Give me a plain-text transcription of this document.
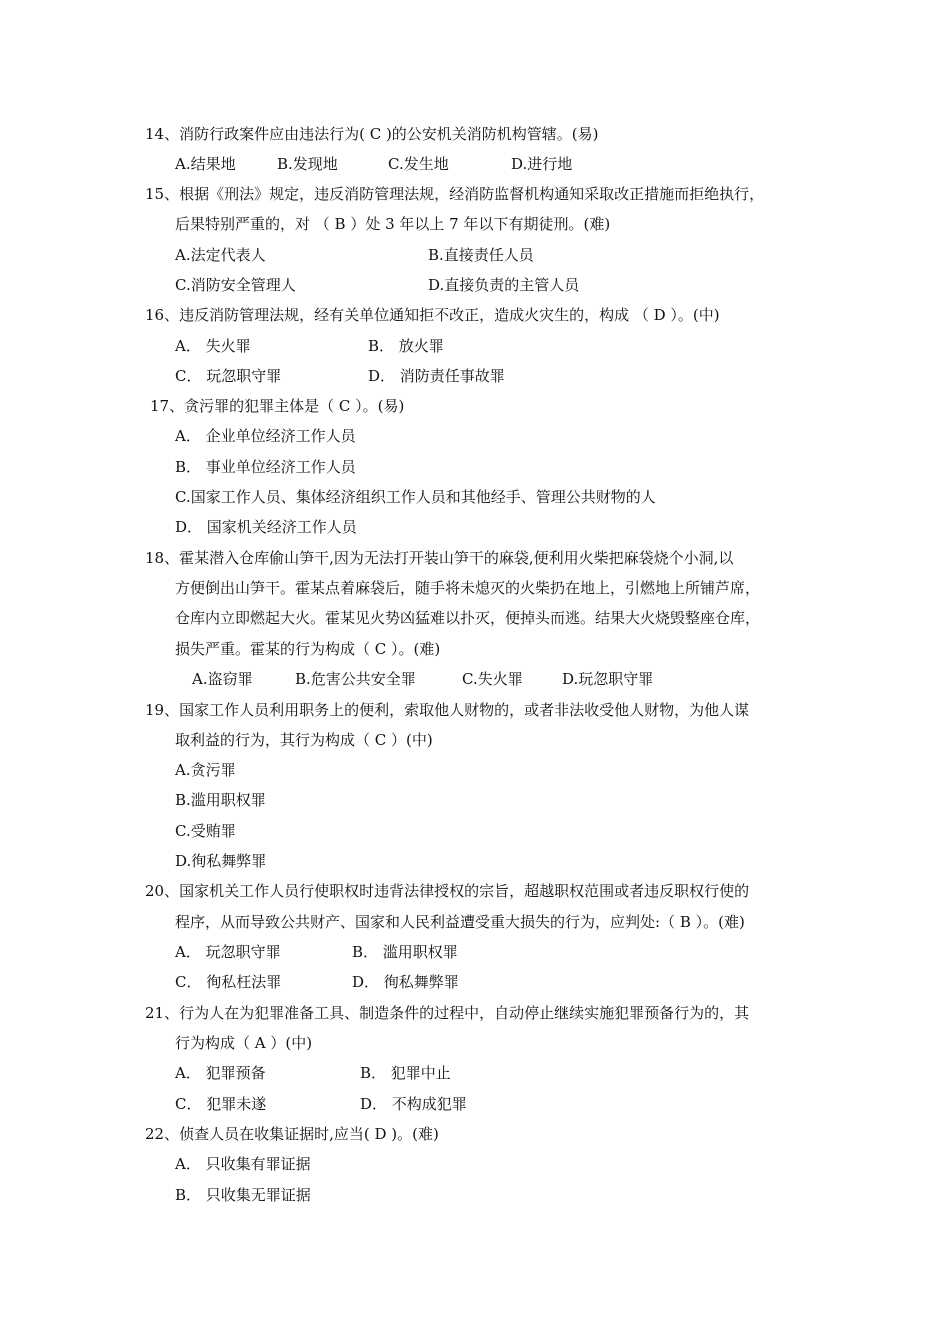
14、消防行政案件应由违法行为( C )的公安机关消防机构管辖。(易)
A.结果地	B.发现地	C.发生地	D.进行地
15、根据《刑法》规定，违反消防管理法规，经消防监督机构通知采取改正措施而拒绝执行，
后果特别严重的，对 （ B ）处 3 年以上 7 年以下有期徒刑。(难)
A.法定代表人	B.直接责任人员
C.消防安全管理人	D.直接负责的主管人员
16、违反消防管理法规，经有关单位通知拒不改正，造成火灾生的，构成 （ D ）。(中)
A． 失火罪	B． 放火罪
C． 玩忽职守罪	D． 消防责任事故罪
17、贪污罪的犯罪主体是（ C ）。(易)
A． 企业单位经济工作人员
B． 事业单位经济工作人员
C.国家工作人员、集体经济组织工作人员和其他经手、管理公共财物的人
D． 国家机关经济工作人员
18、霍某潜入仓库偷山笋干,因为无法打开装山笋干的麻袋,便利用火柴把麻袋烧个小洞,以
方便倒出山笋干。霍某点着麻袋后，随手将未熄灭的火柴扔在地上，引燃地上所铺芦席，
仓库内立即燃起大火。霍某见火势凶猛难以扑灭，便掉头而逃。结果大火烧毁整座仓库，
损失严重。霍某的行为构成（ C ）。(难)
A.盗窃罪	B.危害公共安全罪	C.失火罪	D.玩忽职守罪
19、国家工作人员利用职务上的便利，索取他人财物的，或者非法收受他人财物，为他人谋
取利益的行为，其行为构成（ C ）(中)
A.贪污罪
B.滥用职权罪
C.受贿罪
D.徇私舞弊罪
20、国家机关工作人员行使职权时违背法律授权的宗旨，超越职权范围或者违反职权行使的
程序，从而导致公共财产、国家和人民利益遭受重大损失的行为，应判处:（ B ）。(难)
A． 玩忽职守罪	B． 滥用职权罪
C． 徇私枉法罪	D． 徇私舞弊罪
21、行为人在为犯罪准备工具、制造条件的过程中，自动停止继续实施犯罪预备行为的，其
行为构成（ A ）(中)
A． 犯罪预备	B． 犯罪中止
C． 犯罪未遂	D． 不构成犯罪
22、侦查人员在收集证据时,应当( D )。(难)
A． 只收集有罪证据
B． 只收集无罪证据
